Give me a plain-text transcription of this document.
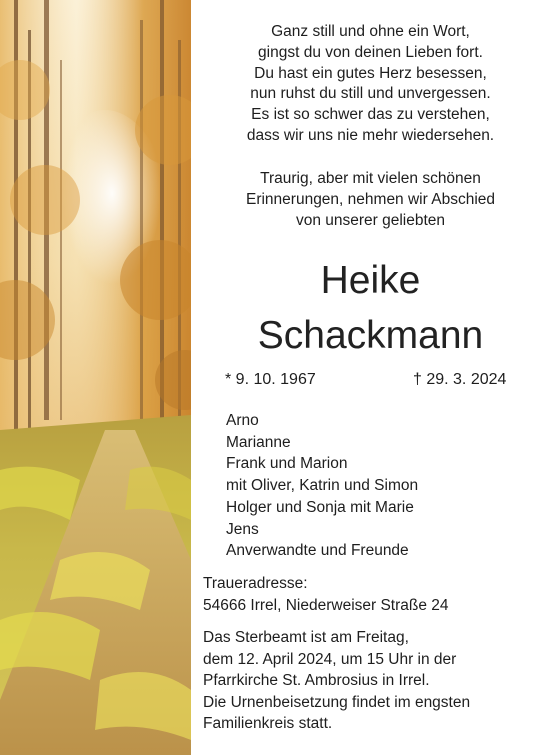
Ganz still und ohne ein Wort,
gingst du von deinen Lieben fort.
Du hast ein gutes Herz besessen,
nun ruhst du still und unvergessen.
Es ist so schwer das zu verstehen,
dass wir uns nie mehr wiedersehen.
Traurig, aber mit vielen schönen
Erinnerungen, nehmen wir Abschied
von unserer geliebten
Heike
Schackmann
* 9. 10. 1967	† 29. 3. 2024
Arno
Marianne
Frank und Marion
mit Oliver, Katrin und Simon
Holger und Sonja mit Marie
Jens
Anverwandte und Freunde
Traueradresse:
54666 Irrel, Niederweiser Straße 24
Das Sterbeamt ist am Freitag,
dem 12. April 2024, um 15 Uhr in der
Pfarrkirche St. Ambrosius in Irrel.
Die Urnenbeisetzung findet im engsten
Familienkreis statt.
